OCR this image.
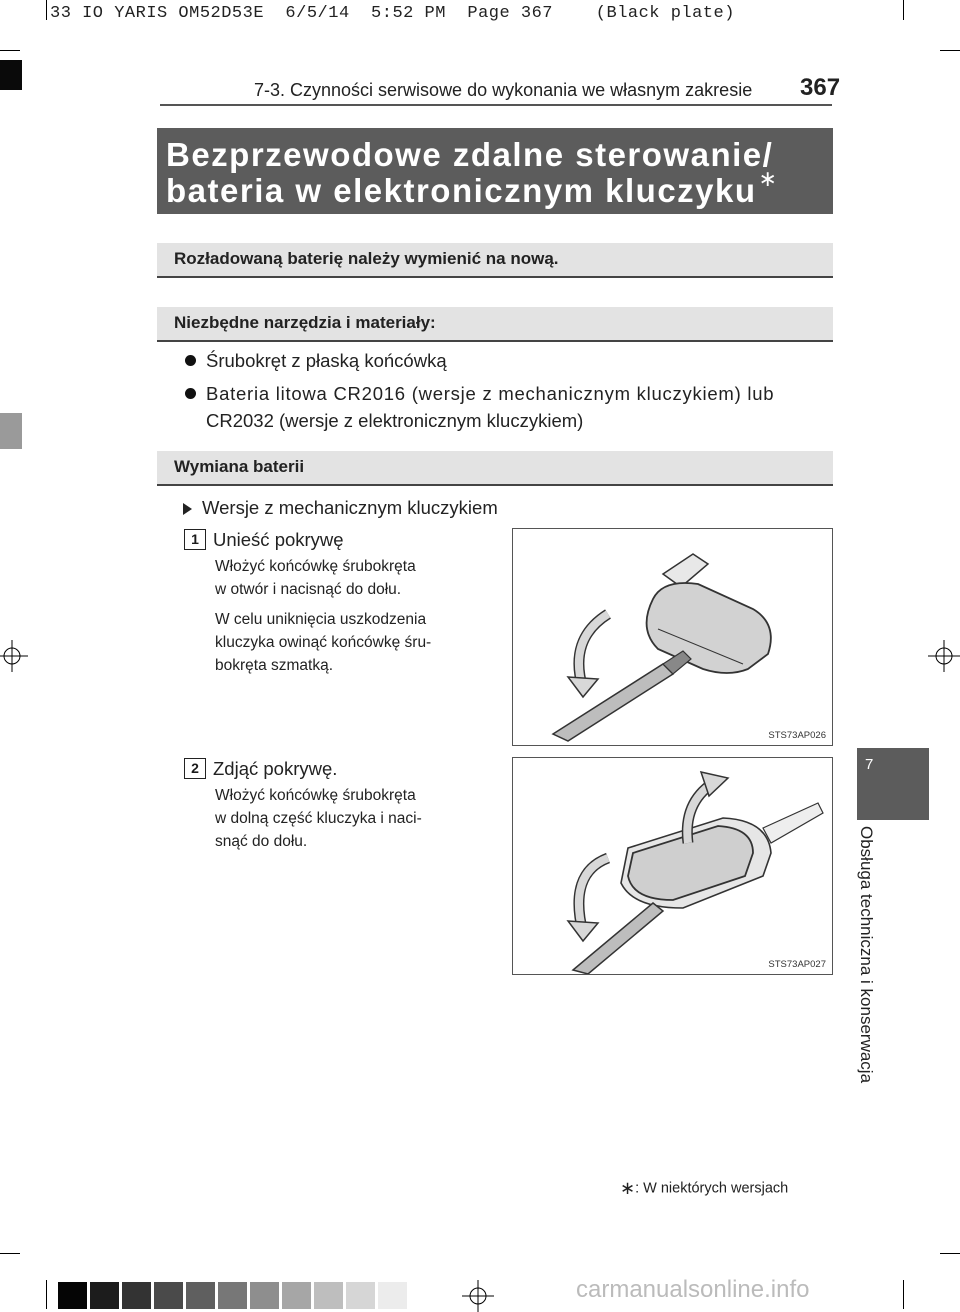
33 IO YARIS OM52D53E  6/5/14  5:52 PM  Page 367    (Black plate)
7-3. Czynności serwisowe do wykonania we własnym zakresie 367
Bezprzewodowe zdalne sterowanie/
bateria w elektronicznym kluczyku∗
Rozładowaną baterię należy wymienić na nową.
Niezbędne narzędzia i materiały:
Śrubokręt z płaską końcówką
Bateria litowa CR2016 (wersje z mechanicznym kluczykiem) lub
CR2032 (wersje z elektronicznym kluczykiem)
Wymiana baterii
Wersje z mechanicznym kluczykiem
1 Unieść pokrywę
Włożyć końcówkę śrubokręta
w otwór i nacisnąć do dołu.
W celu uniknięcia uszkodzenia
kluczyka owinąć końcówkę śru-
bokręta szmatką.
STS73AP026
2 Zdjąć pokrywę.
Włożyć końcówkę śrubokręta
w dolną część kluczyka i naci-
snąć do dołu.
STS73AP027
7
Obsługa techniczna i konserwacja
∗: W niektórych wersjach
carmanualsonline.info
